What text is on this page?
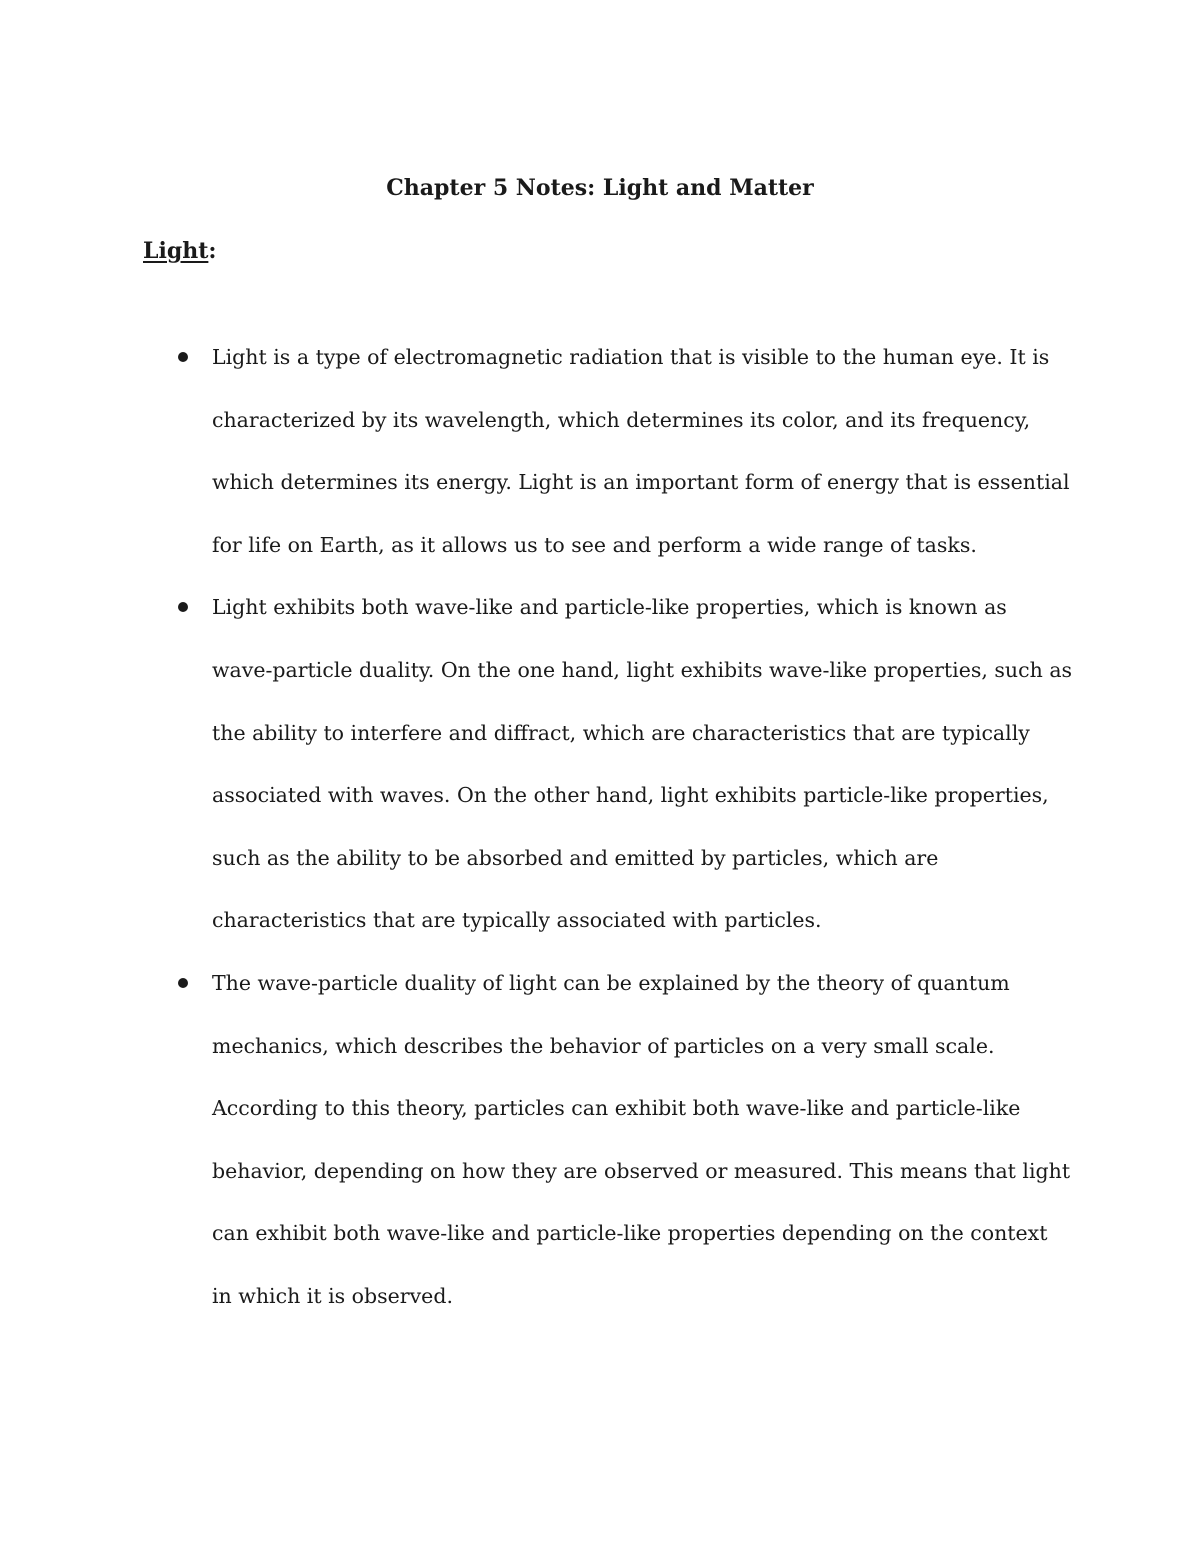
Chapter 5 Notes: Light and Matter
Light:
Light is a type of electromagnetic radiation that is visible to the human eye. It is characterized by its wavelength, which determines its color, and its frequency, which determines its energy. Light is an important form of energy that is essential for life on Earth, as it allows us to see and perform a wide range of tasks.
Light exhibits both wave-like and particle-like properties, which is known as wave-particle duality. On the one hand, light exhibits wave-like properties, such as the ability to interfere and diffract, which are characteristics that are typically associated with waves. On the other hand, light exhibits particle-like properties, such as the ability to be absorbed and emitted by particles, which are characteristics that are typically associated with particles.
The wave-particle duality of light can be explained by the theory of quantum mechanics, which describes the behavior of particles on a very small scale. According to this theory, particles can exhibit both wave-like and particle-like behavior, depending on how they are observed or measured. This means that light can exhibit both wave-like and particle-like properties depending on the context in which it is observed.
